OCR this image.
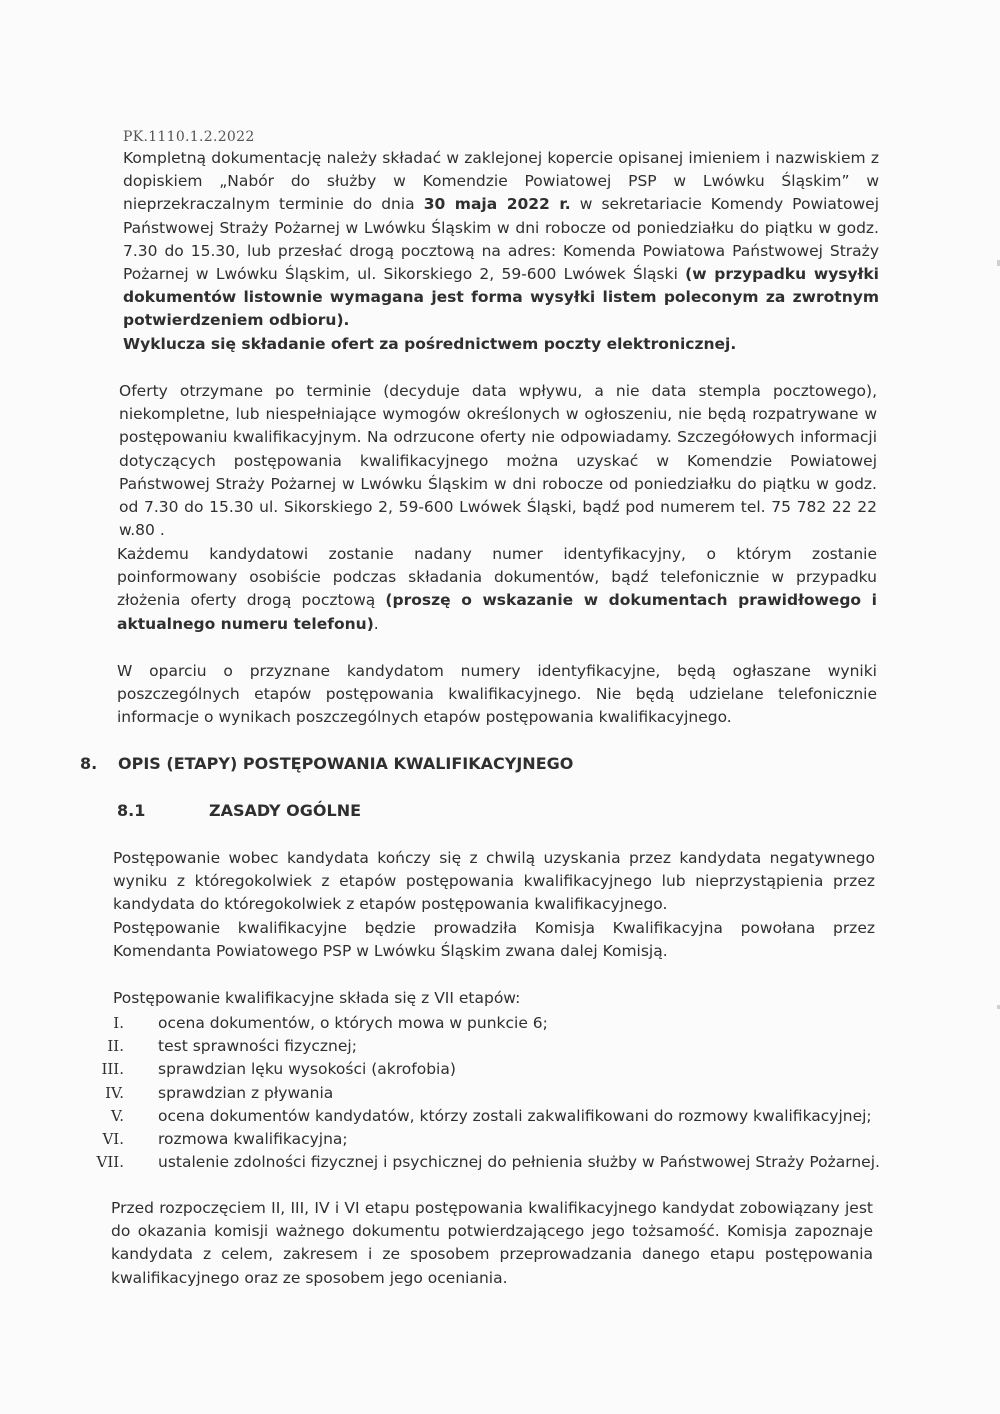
PK.1110.1.2.2022

Kompletną dokumentację należy składać w zaklejonej kopercie opisanej imieniem i nazwiskiem z dopiskiem „Nabór do służby w Komendzie Powiatowej PSP w Lwówku Śląskim” w nieprzekraczalnym terminie do dnia 30 maja 2022 r. w sekretariacie Komendy Powiatowej Państwowej Straży Pożarnej w Lwówku Śląskim w dni robocze od poniedziałku do piątku w godz. 7.30 do 15.30, lub przesłać drogą pocztową na adres: Komenda Powiatowa Państwowej Straży Pożarnej w Lwówku Śląskim, ul. Sikorskiego 2, 59-600 Lwówek Śląski (w przypadku wysyłki dokumentów listownie wymagana jest forma wysyłki listem poleconym za zwrotnym potwierdzeniem odbioru).

Wyklucza się składanie ofert za pośrednictwem poczty elektronicznej.

Oferty otrzymane po terminie (decyduje data wpływu, a nie data stempla pocztowego), niekompletne, lub niespełniające wymogów określonych w ogłoszeniu, nie będą rozpatrywane w postępowaniu kwalifikacyjnym. Na odrzucone oferty nie odpowiadamy. Szczegółowych informacji dotyczących postępowania kwalifikacyjnego można uzyskać w Komendzie Powiatowej Państwowej Straży Pożarnej w Lwówku Śląskim w dni robocze od poniedziałku do piątku w godz. od 7.30 do 15.30 ul. Sikorskiego 2, 59-600 Lwówek Śląski, bądź pod numerem tel. 75 782 22 22 w.80 .

Każdemu kandydatowi zostanie nadany numer identyfikacyjny, o którym zostanie poinformowany osobiście podczas składania dokumentów, bądź telefonicznie w przypadku złożenia oferty drogą pocztową (proszę o wskazanie w dokumentach prawidłowego i aktualnego numeru telefonu).

W oparciu o przyznane kandydatom numery identyfikacyjne, będą ogłaszane wyniki poszczególnych etapów postępowania kwalifikacyjnego. Nie będą udzielane telefonicznie informacje o wynikach poszczególnych etapów postępowania kwalifikacyjnego.

8. OPIS (ETAPY) POSTĘPOWANIA KWALIFIKACYJNEGO
8.1	ZASADY OGÓLNE

Postępowanie wobec kandydata kończy się z chwilą uzyskania przez kandydata negatywnego wyniku z któregokolwiek z etapów postępowania kwalifikacyjnego lub nieprzystąpienia przez kandydata do któregokolwiek z etapów postępowania kwalifikacyjnego.

Postępowanie kwalifikacyjne będzie prowadziła Komisja Kwalifikacyjna powołana przez Komendanta Powiatowego PSP w Lwówku Śląskim zwana dalej Komisją.

Postępowanie kwalifikacyjne składa się z VII etapów:

I. ocena dokumentów, o których mowa w punkcie 6;
II. test sprawności fizycznej;
III. sprawdzian lęku wysokości (akrofobia)
IV. sprawdzian z pływania
V. ocena dokumentów kandydatów, którzy zostali zakwalifikowani do rozmowy kwalifikacyjnej;
VI. rozmowa kwalifikacyjna;
VII. ustalenie zdolności fizycznej i psychicznej do pełnienia służby w Państwowej Straży Pożarnej.

Przed rozpoczęciem II, III, IV i VI etapu postępowania kwalifikacyjnego kandydat zobowiązany jest do okazania komisji ważnego dokumentu potwierdzającego jego tożsamość. Komisja zapoznaje kandydata z celem, zakresem i ze sposobem przeprowadzania danego etapu postępowania kwalifikacyjnego oraz ze sposobem jego oceniania.
